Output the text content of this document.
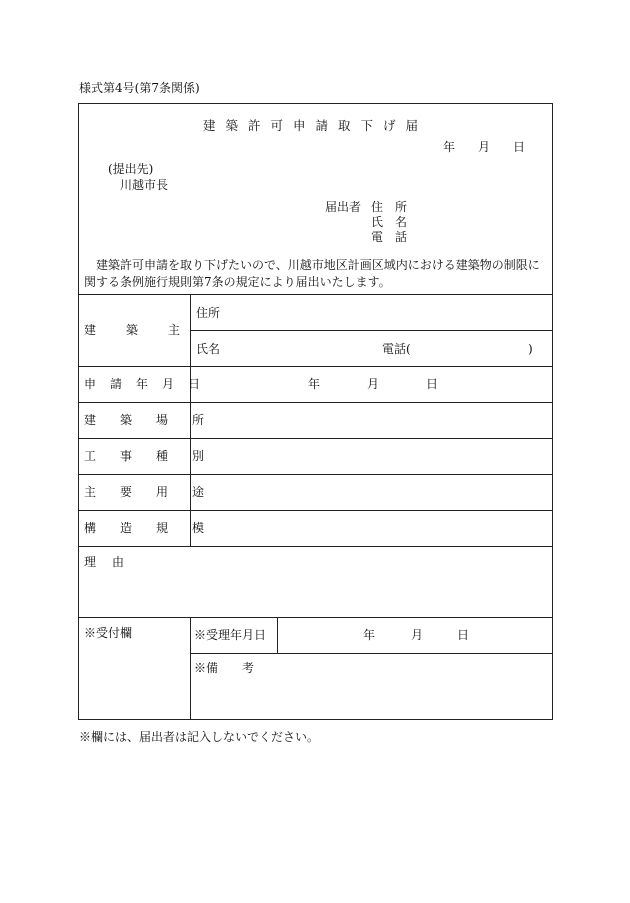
様式第4号(第7条関係)
建築許可申請取下げ届
年 月 日
(提出先)
川越市長
届出者 住　所
氏　名
電　話
建築許可申請を取り下げたいので、川越市地区計画区域内における建築物の制限に関する条例施行規則第7条の規定により届出いたします。
建　　築　　主
住所
氏名	電話(	)
申　請　年　月　日	年	月	日
建　築　場　所
工　事　種　別
主　要　用　途
構　造　規　模
理　由
※受付欄	※受理年月日	年	月	日
※備　　考
※欄には、届出者は記入しないでください。
